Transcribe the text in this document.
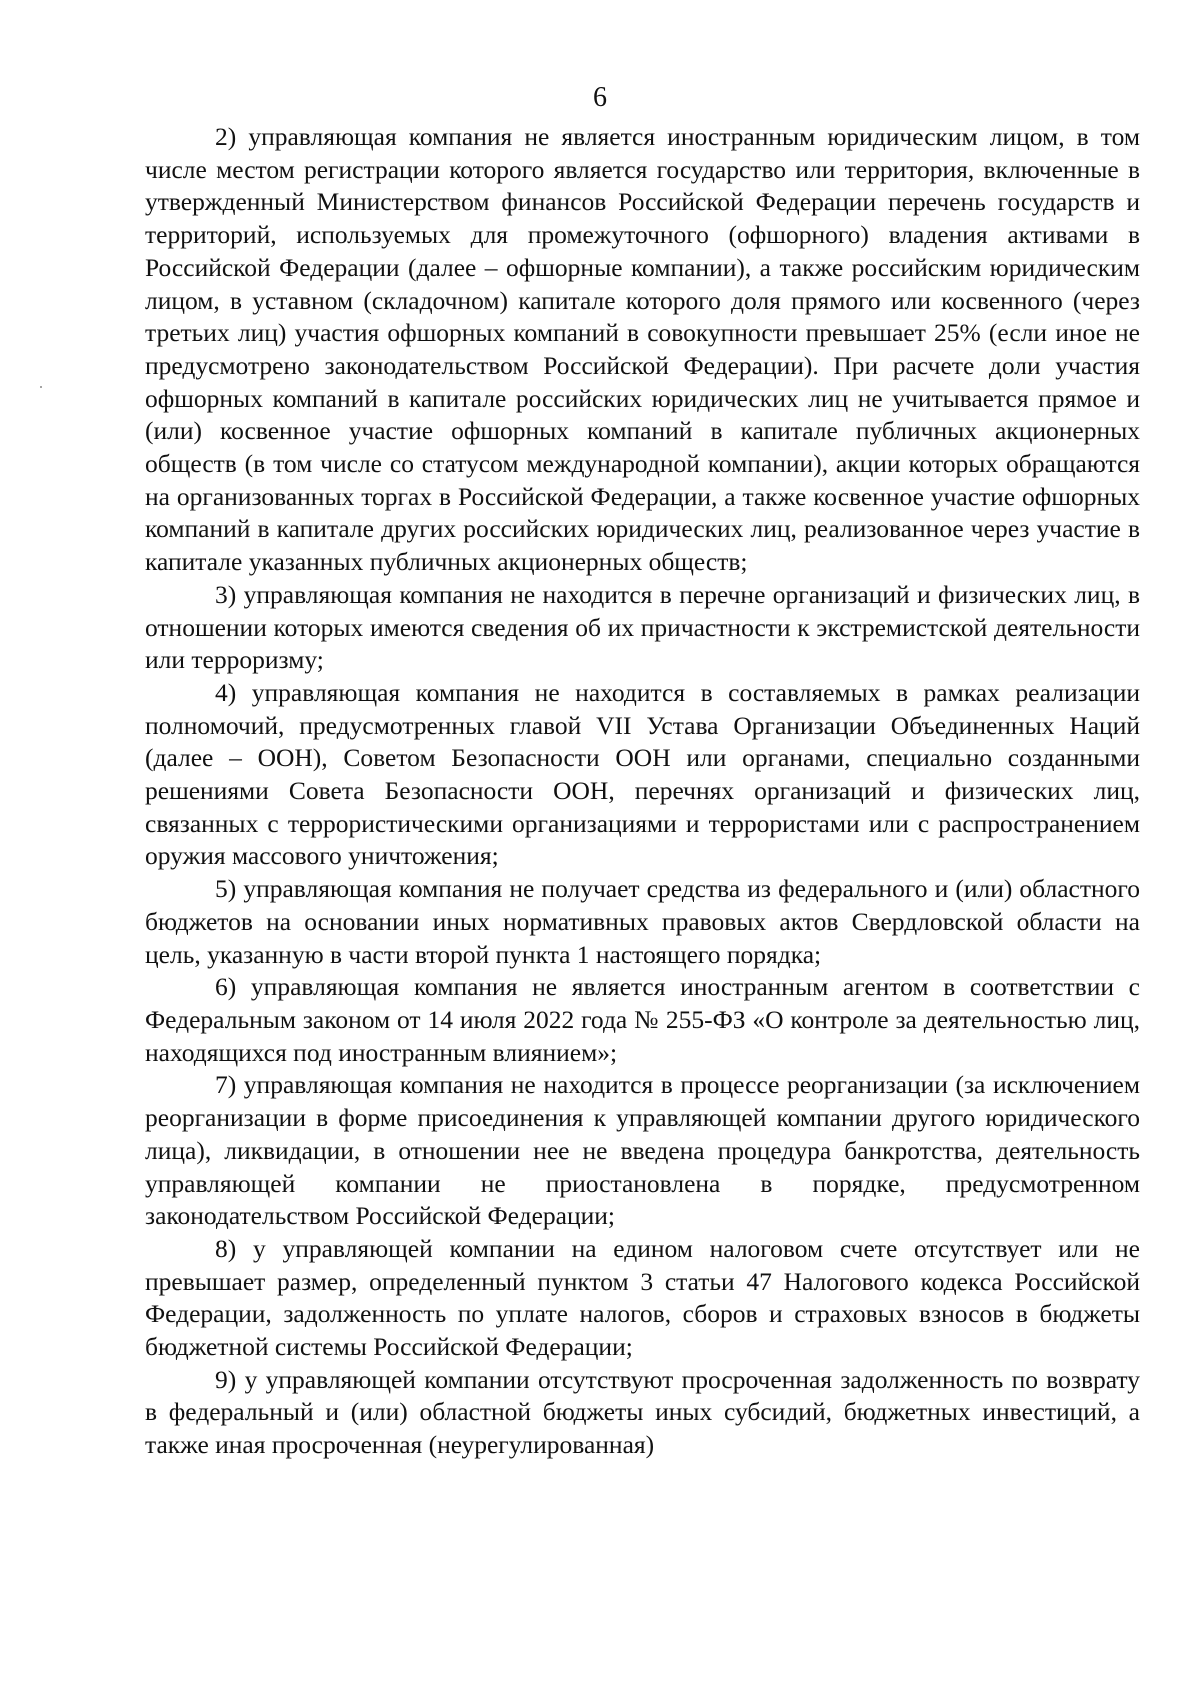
6

2) управляющая компания не является иностранным юридическим лицом, в том числе местом регистрации которого является государство или территория, включенные в утвержденный Министерством финансов Российской Федерации перечень государств и территорий, используемых для промежуточного (офшорного) владения активами в Российской Федерации (далее – офшорные компании), а также российским юридическим лицом, в уставном (складочном) капитале которого доля прямого или косвенного (через третьих лиц) участия офшорных компаний в совокупности превышает 25% (если иное не предусмотрено законодательством Российской Федерации). При расчете доли участия офшорных компаний в капитале российских юридических лиц не учитывается прямое и (или) косвенное участие офшорных компаний в капитале публичных акционерных обществ (в том числе со статусом международной компании), акции которых обращаются на организованных торгах в Российской Федерации, а также косвенное участие офшорных компаний в капитале других российских юридических лиц, реализованное через участие в капитале указанных публичных акционерных обществ;

3) управляющая компания не находится в перечне организаций и физических лиц, в отношении которых имеются сведения об их причастности к экстремистской деятельности или терроризму;

4) управляющая компания не находится в составляемых в рамках реализации полномочий, предусмотренных главой VII Устава Организации Объединенных Наций (далее – ООН), Советом Безопасности ООН или органами, специально созданными решениями Совета Безопасности ООН, перечнях организаций и физических лиц, связанных с террористическими организациями и террористами или с распространением оружия массового уничтожения;

5) управляющая компания не получает средства из федерального и (или) областного бюджетов на основании иных нормативных правовых актов Свердловской области на цель, указанную в части второй пункта 1 настоящего порядка;

6) управляющая компания не является иностранным агентом в соответствии с Федеральным законом от 14 июля 2022 года № 255-ФЗ «О контроле за деятельностью лиц, находящихся под иностранным влиянием»;

7) управляющая компания не находится в процессе реорганизации (за исключением реорганизации в форме присоединения к управляющей компании другого юридического лица), ликвидации, в отношении нее не введена процедура банкротства, деятельность управляющей компании не приостановлена в порядке, предусмотренном законодательством Российской Федерации;

8) у управляющей компании на едином налоговом счете отсутствует или не превышает размер, определенный пунктом 3 статьи 47 Налогового кодекса Российской Федерации, задолженность по уплате налогов, сборов и страховых взносов в бюджеты бюджетной системы Российской Федерации;

9) у управляющей компании отсутствуют просроченная задолженность по возврату в федеральный и (или) областной бюджеты иных субсидий, бюджетных инвестиций, а также иная просроченная (неурегулированная)
